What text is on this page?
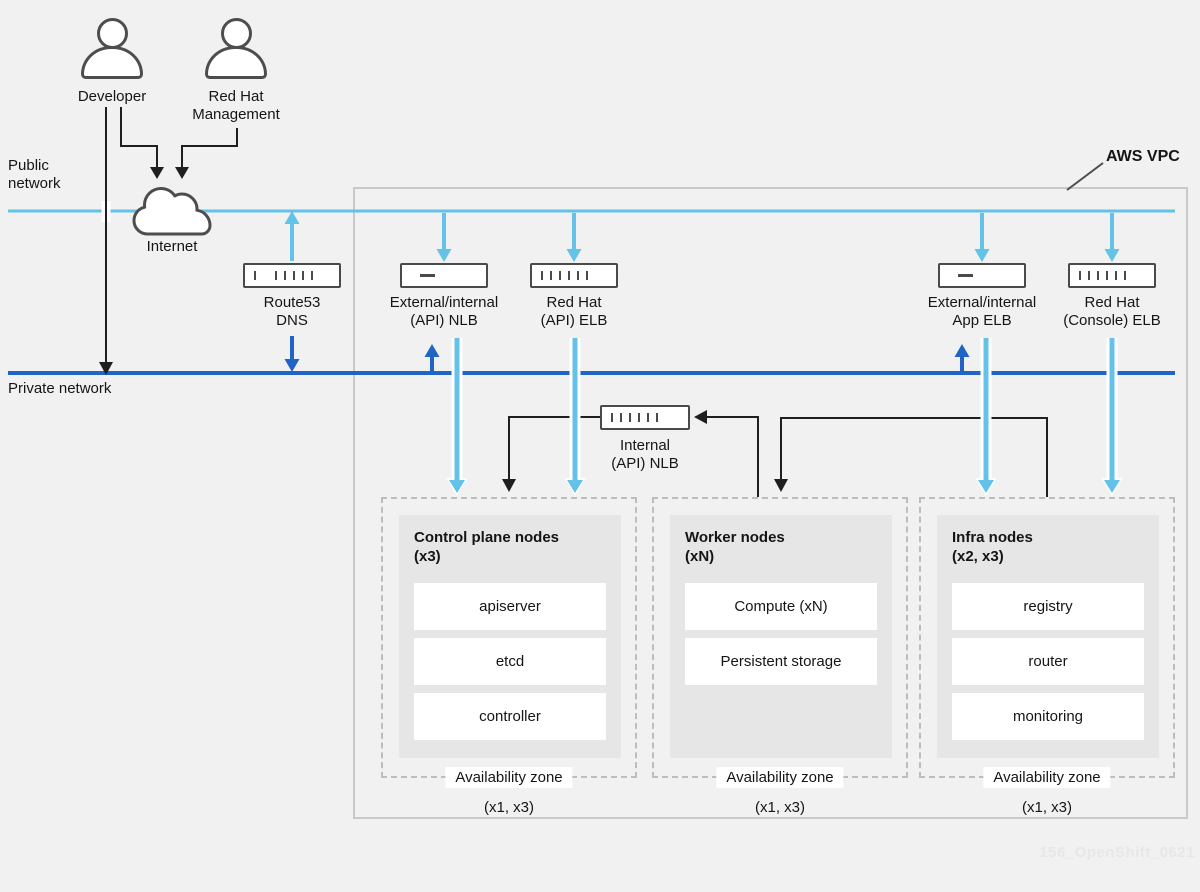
Developer	Red Hat
Management
Internet
Public
network
Private network
AWS VPC
Route53
DNS
External/internal
(API) NLB
Red Hat
(API) ELB
External/internal
App ELB
Red Hat
(Console) ELB
Internal
(API) NLB
Control plane nodes
(x3)
apiserver
etcd
controller
Availability zone
(x1, x3)
Worker nodes
(xN)
Compute (xN)
Persistent storage
Availability zone
(x1, x3)
Infra nodes
(x2, x3)
registry
router
monitoring
Availability zone
(x1, x3)
156_OpenShift_0621
